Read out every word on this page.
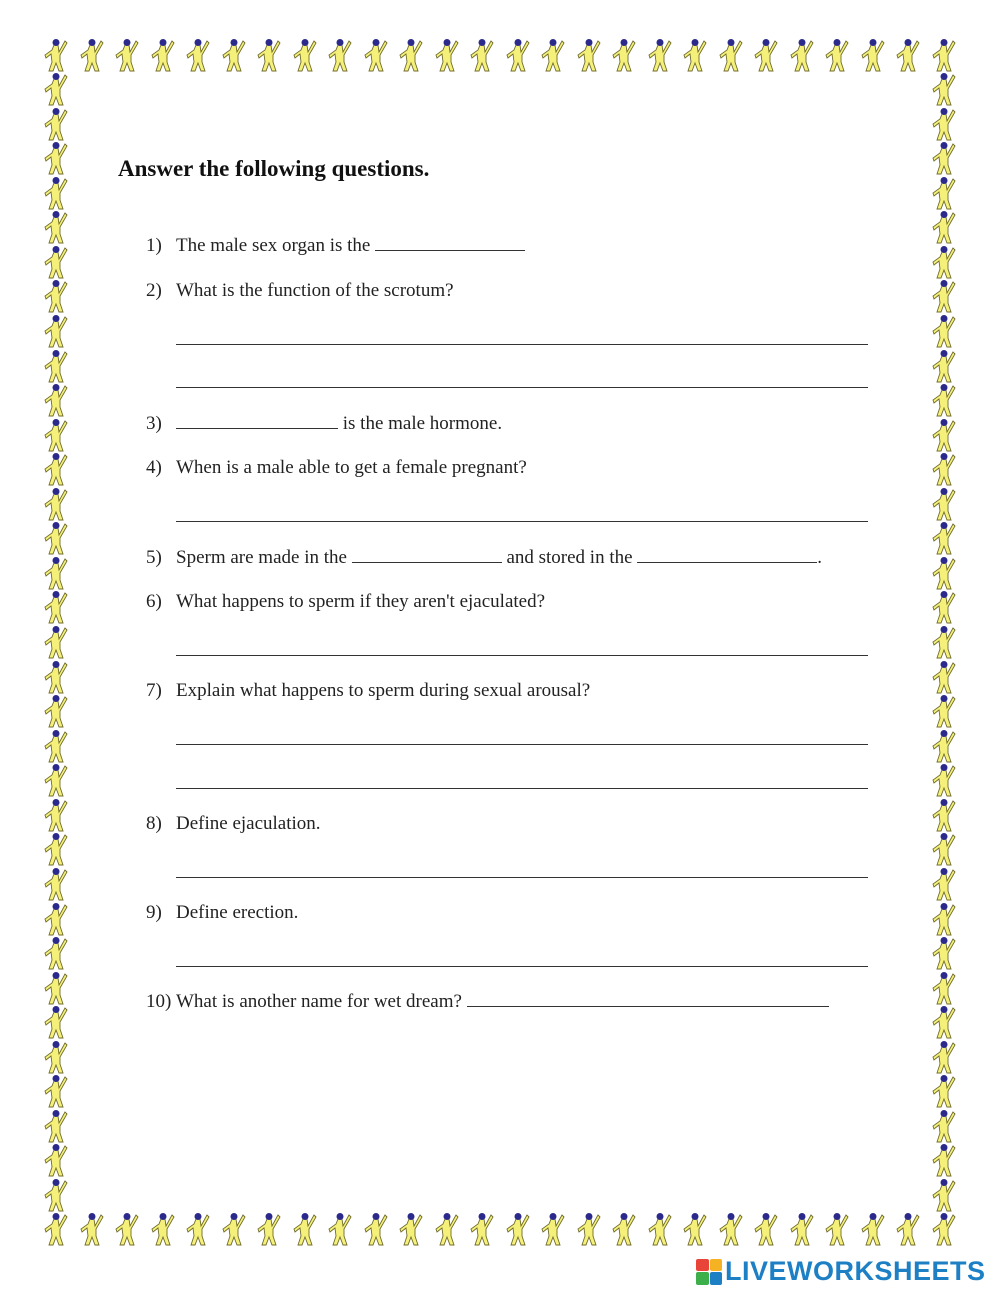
Answer the following questions.
1) The male sex organ is the
2) What is the function of the scrotum?
3)	is the male hormone.
4) When is a male able to get a female pregnant?
5) Sperm are made in the	and stored in the	.
6) What happens to sperm if they aren't ejaculated?
7) Explain what happens to sperm during sexual arousal?
8) Define ejaculation.
9) Define erection.
10) What is another name for wet dream?
LIVEWORKSHEETS
